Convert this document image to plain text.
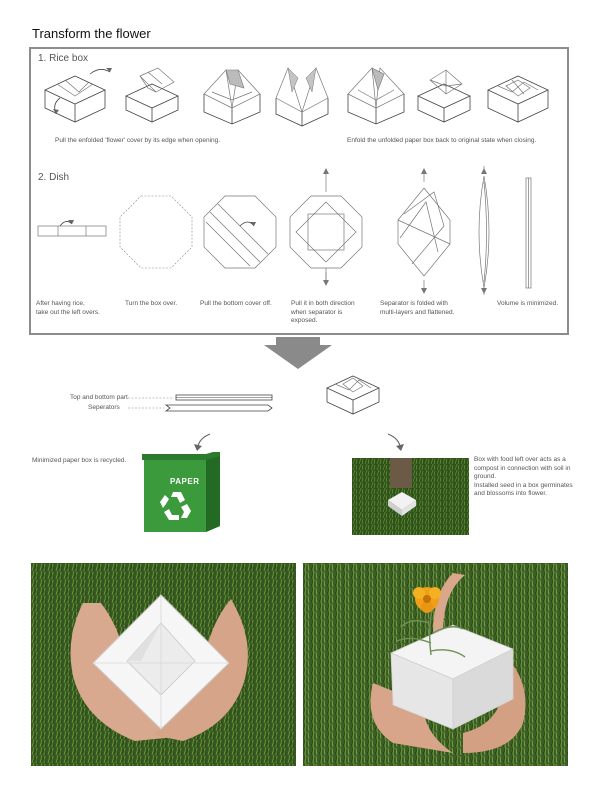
Transform the flower
1. Rice box
Pull the enfolded 'flower' cover by its edge when opening.	Enfold the unfolded paper box back to original state when closing.
2. Dish
After having rice,
take out the left overs.
Turn the box over.	Pull the bottom cover off.	Pull it in both direction
when separator is
exposed.
Separator is folded with
multi-layers and flattened.
Volume is minimized.
Top and bottom part
Seperators
Minimized paper box is recycled.
PAPER
Box with food left over acts as a
compost in connection with soil in
ground.
Installed seed in a box germinates
and blossoms into flower.
